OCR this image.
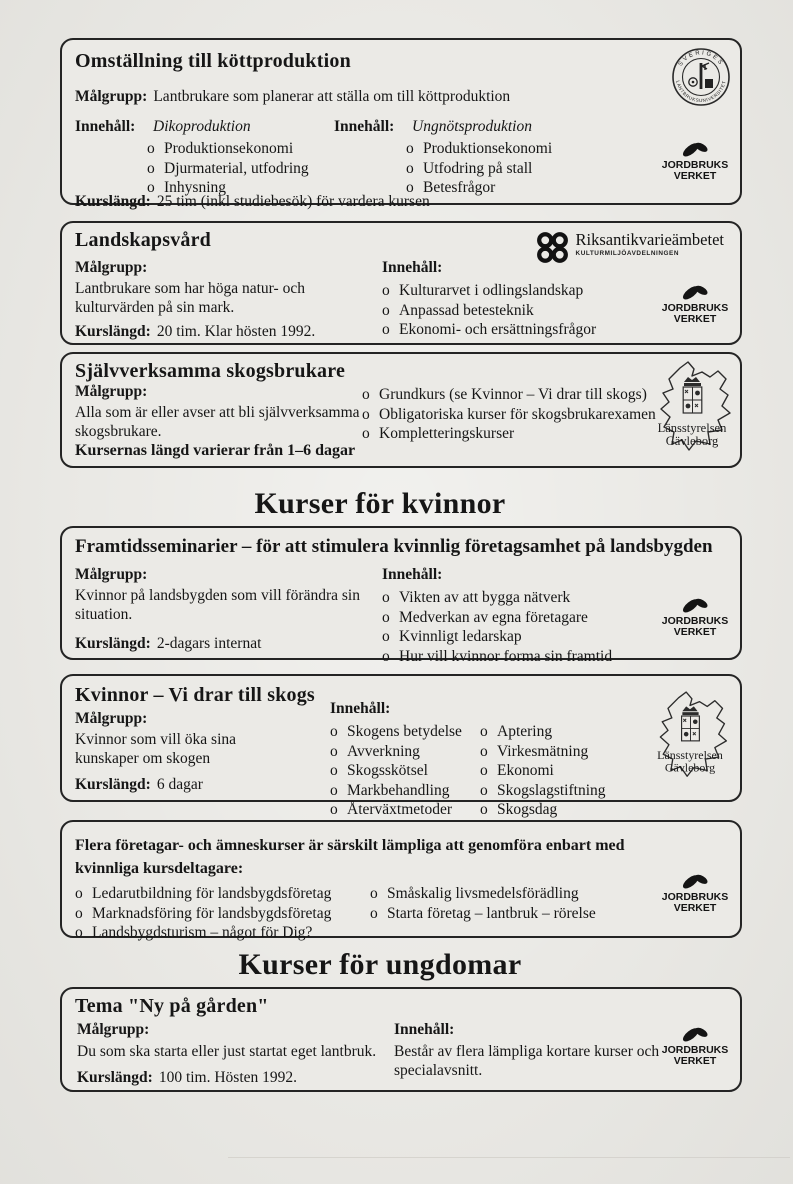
Omställning till köttproduktion
Målgrupp: Lantbrukare som planerar att ställa om till köttproduktion
Innehåll: Dikoproduktion
o Produktionsekonomi
o Djurmaterial, utfodring
o Inhysning
Innehåll: Ungnötsproduktion
o Produktionsekonomi
o Utfodring på stall
o Betesfrågor
Kurslängd: 25 tim (inkl studiebesök) för vardera kursen
SVERIGES
LANTBRUKSUNIVERSITET
JORDBRUKS
VERKET
Landskapsvård
Målgrupp:
Lantbrukare som har höga natur- och kulturvärden på sin mark.
Kurslängd: 20 tim. Klar hösten 1992.
Innehåll:
o Kulturarvet i odlingslandskap
o Anpassad betesteknik
o Ekonomi- och ersättningsfrågor
Riksantikvarieämbetet
KULTURMILJÖAVDELNINGEN
JORDBRUKS
VERKET
Självverksamma skogsbrukare
Målgrupp:
Alla som är eller avser att bli självverksamma skogsbrukare.
o Grundkurs (se Kvinnor – Vi drar till skogs)
o Obligatoriska kurser för skogsbrukarexamen
o Kompletteringskurser
Kursernas längd varierar från 1–6 dagar
Länsstyrelsen
Gävleborg
Kurser för kvinnor
Framtidsseminarier – för att stimulera kvinnlig företagsamhet på landsbygden
Målgrupp:
Kvinnor på landsbygden som vill förändra sin situation.
Kurslängd: 2-dagars internat
Innehåll:
o Vikten av att bygga nätverk
o Medverkan av egna företagare
o Kvinnligt ledarskap
o Hur vill kvinnor forma sin framtid
JORDBRUKS
VERKET
Kvinnor – Vi drar till skogs
Målgrupp:
Kvinnor som vill öka sina kunskaper om skogen
Kurslängd: 6 dagar
Innehåll:
o Skogens betydelse
o Avverkning
o Skogsskötsel
o Markbehandling
o Återväxtmetoder
o Aptering
o Virkesmätning
o Ekonomi
o Skogslagstiftning
o Skogsdag
Länsstyrelsen
Gävleborg
Flera företagar- och ämneskurser är särskilt lämpliga att genomföra enbart med kvinnliga kursdeltagare:
o Ledarutbildning för landsbygdsföretag
o Marknadsföring för landsbygdsföretag
o Landsbygdsturism – något för Dig?
o Småskalig livsmedelsförädling
o Starta företag – lantbruk – rörelse
JORDBRUKS
VERKET
Kurser för ungdomar
Tema "Ny på gården"
Målgrupp:
Du som ska starta eller just startat eget lantbruk.
Kurslängd: 100 tim. Hösten 1992.
Innehåll:
Består av flera lämpliga kortare kurser och specialavsnitt.
JORDBRUKS
VERKET
